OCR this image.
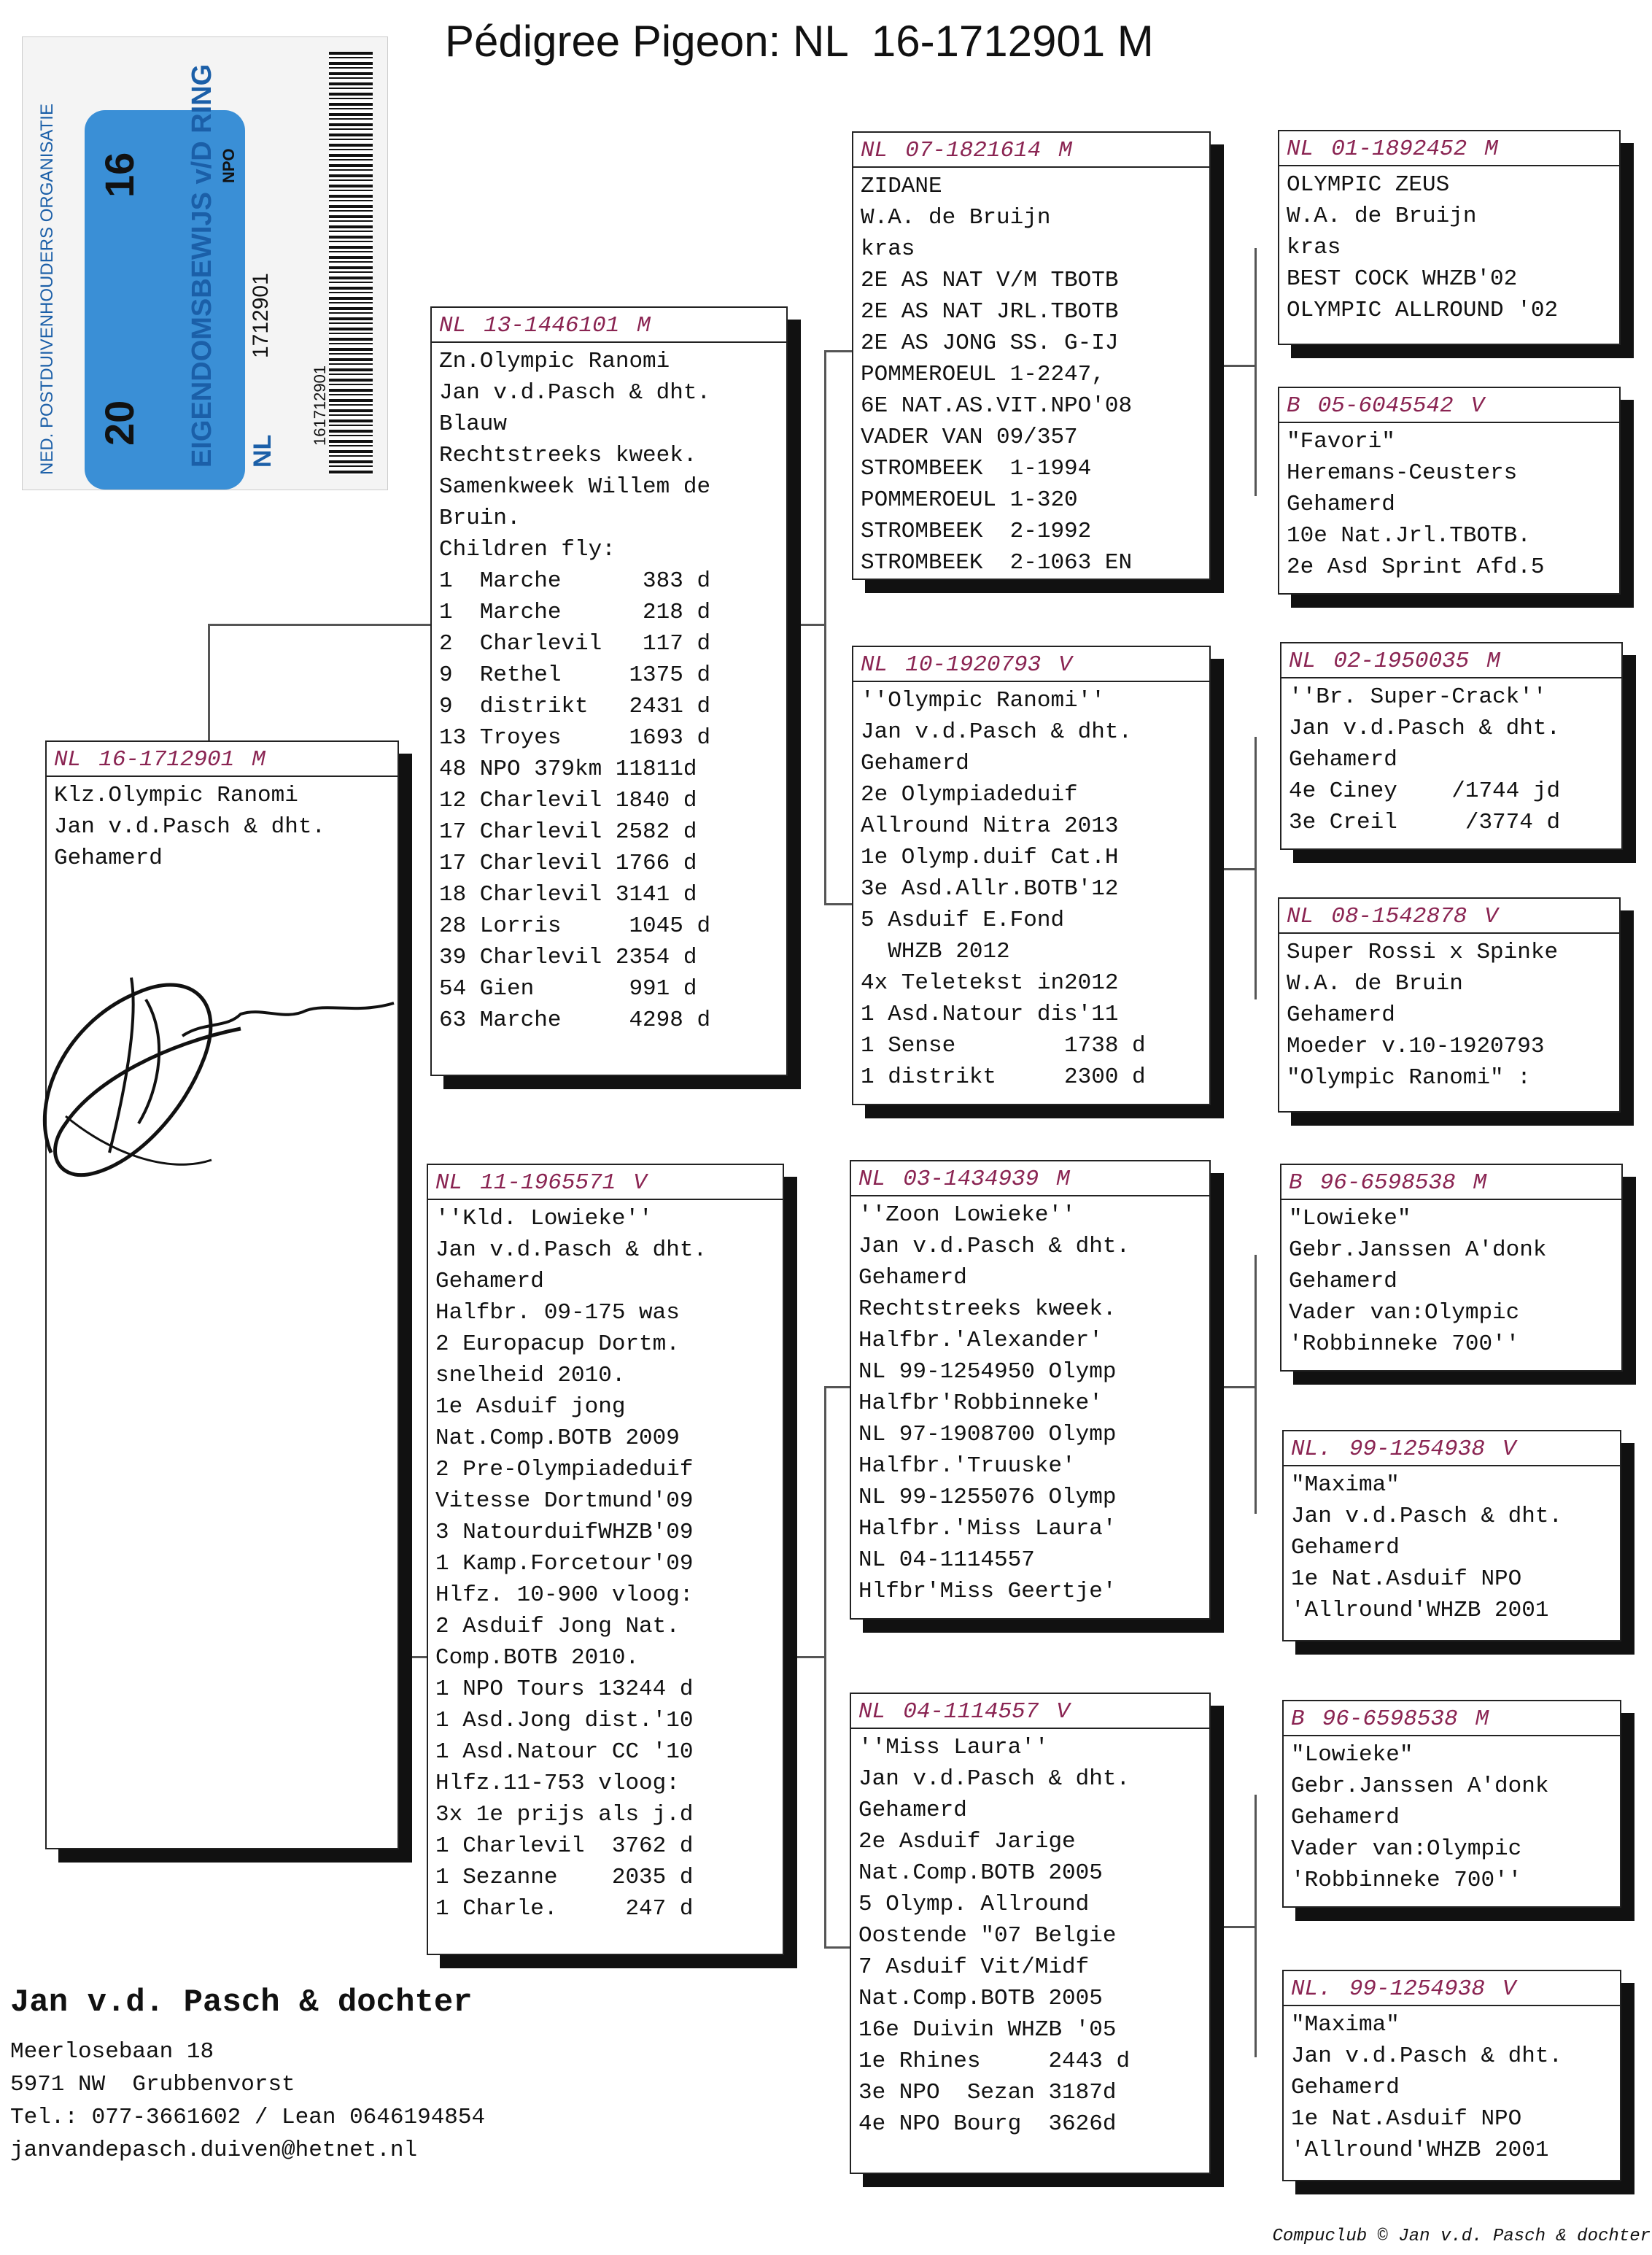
Pédigree Pigeon: NL  16-1712901 M
NED. POSTDUIVENHOUDERS ORGANISATIE 20
16 EIGENDOMSBEWIJS v/D RING NL
1712901
NPO
161712901
NL 16-1712901 M
Klz.Olympic Ranomi
Jan v.d.Pasch & dht.
Gehamerd
NL 13-1446101 M
Zn.Olympic Ranomi
Jan v.d.Pasch & dht.
Blauw
Rechtstreeks kweek.
Samenkweek Willem de
Bruin.
Children fly:
1  Marche      383 d
1  Marche      218 d
2  Charlevil   117 d
9  Rethel     1375 d
9  distrikt   2431 d
13 Troyes     1693 d
48 NPO 379km 11811d
12 Charlevil 1840 d
17 Charlevil 2582 d
17 Charlevil 1766 d
18 Charlevil 3141 d
28 Lorris     1045 d
39 Charlevil 2354 d
54 Gien       991 d
63 Marche     4298 d
NL 11-1965571 V
''Kld. Lowieke''
Jan v.d.Pasch & dht.
Gehamerd
Halfbr. 09-175 was
2 Europacup Dortm.
snelheid 2010.
1e Asduif jong
Nat.Comp.BOTB 2009
2 Pre-Olympiadeduif
Vitesse Dortmund'09
3 NatourduifWHZB'09
1 Kamp.Forcetour'09
Hlfz. 10-900 vloog:
2 Asduif Jong Nat.
Comp.BOTB 2010.
1 NPO Tours 13244 d
1 Asd.Jong dist.'10
1 Asd.Natour CC '10
Hlfz.11-753 vloog:
3x 1e prijs als j.d
1 Charlevil  3762 d
1 Sezanne    2035 d
1 Charle.     247 d
NL 07-1821614 M
ZIDANE
W.A. de Bruijn
kras
2E AS NAT V/M TBOTB
2E AS NAT JRL.TBOTB
2E AS JONG SS. G-IJ
POMMEROEUL 1-2247,
6E NAT.AS.VIT.NPO'08
VADER VAN 09/357
STROMBEEK  1-1994
POMMEROEUL 1-320
STROMBEEK  2-1992
STROMBEEK  2-1063 EN
NL 10-1920793 V
''Olympic Ranomi''
Jan v.d.Pasch & dht.
Gehamerd
2e Olympiadeduif
Allround Nitra 2013
1e Olymp.duif Cat.H
3e Asd.Allr.BOTB'12
5 Asduif E.Fond
WHZB 2012
4x Teletekst in2012
1 Asd.Natour dis'11
1 Sense        1738 d
1 distrikt     2300 d
NL 03-1434939 M
''Zoon Lowieke''
Jan v.d.Pasch & dht.
Gehamerd
Rechtstreeks kweek.
Halfbr.'Alexander'
NL 99-1254950 Olymp
Halfbr'Robbinneke'
NL 97-1908700 Olymp
Halfbr.'Truuske'
NL 99-1255076 Olymp
Halfbr.'Miss Laura'
NL 04-1114557
Hlfbr'Miss Geertje'
NL 04-1114557 V
''Miss Laura''
Jan v.d.Pasch & dht.
Gehamerd
2e Asduif Jarige
Nat.Comp.BOTB 2005
5 Olymp. Allround
Oostende "07 Belgie
7 Asduif Vit/Midf
Nat.Comp.BOTB 2005
16e Duivin WHZB '05
1e Rhines     2443 d
3e NPO  Sezan 3187d
4e NPO Bourg  3626d
NL 01-1892452 M
OLYMPIC ZEUS
W.A. de Bruijn
kras
BEST COCK WHZB'02
OLYMPIC ALLROUND '02
B 05-6045542 V
"Favori"
Heremans-Ceusters
Gehamerd
10e Nat.Jrl.TBOTB.
2e Asd Sprint Afd.5
NL 02-1950035 M
''Br. Super-Crack''
Jan v.d.Pasch & dht.
Gehamerd
4e Ciney    /1744 jd
3e Creil     /3774 d
NL 08-1542878 V
Super Rossi x Spinke
W.A. de Bruin
Gehamerd
Moeder v.10-1920793
"Olympic Ranomi" :
B 96-6598538 M
"Lowieke"
Gebr.Janssen A'donk
Gehamerd
Vader van:Olympic
'Robbinneke 700''
NL. 99-1254938 V
"Maxima"
Jan v.d.Pasch & dht.
Gehamerd
1e Nat.Asduif NPO
'Allround'WHZB 2001
B 96-6598538 M
"Lowieke"
Gebr.Janssen A'donk
Gehamerd
Vader van:Olympic
'Robbinneke 700''
NL. 99-1254938 V
"Maxima"
Jan v.d.Pasch & dht.
Gehamerd
1e Nat.Asduif NPO
'Allround'WHZB 2001
Jan v.d. Pasch & dochter
Meerlosebaan 18
5971 NW  Grubbenvorst
Tel.: 077-3661602 / Lean 0646194854
janvandepasch.duiven@hetnet.nl
Compuclub © Jan v.d. Pasch & dochter
